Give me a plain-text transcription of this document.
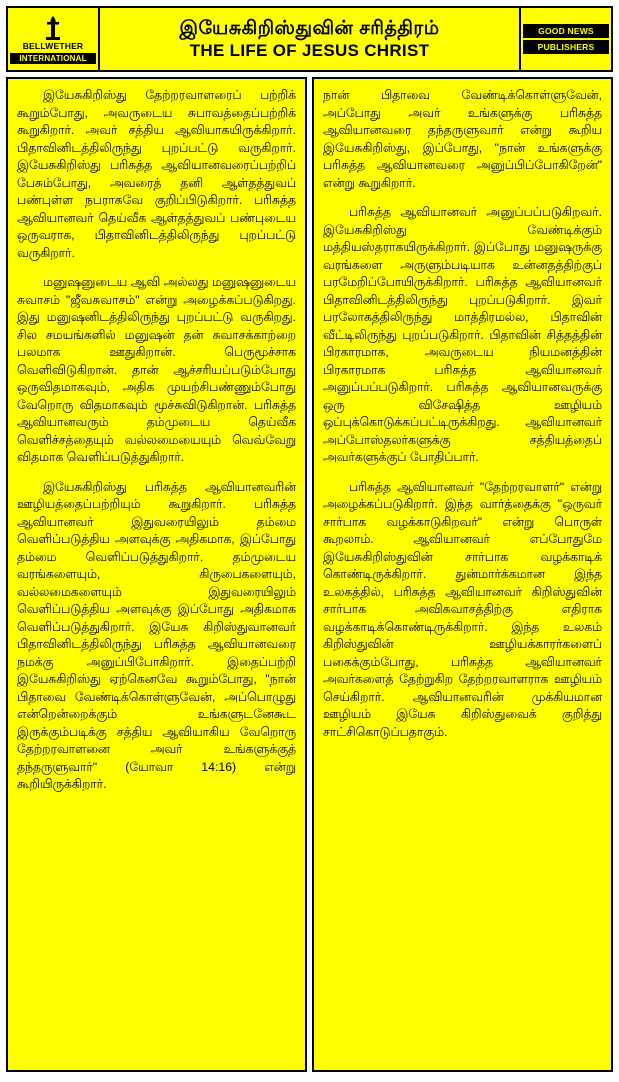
BELLWETHER
INTERNATIONAL
இயேசுகிறிஸ்துவின் சரித்திரம்
THE LIFE OF JESUS CHRIST
GOOD NEWS
PUBLISHERS

இயேசுகிறிஸ்து தேற்றரவாளரைப் பற்றிக் கூறும்போது, அவருடைய சுபாவத்தைப்பற்றிக் கூறுகிறார். அவர் சத்திய ஆவியாகயிருக்கிறார். பிதாவினிடத்திலிருந்து புறப்பட்டு வருகிறார். இயேசுகிறிஸ்து பரிசுத்த ஆவியானவரைப்பற்றிப் பேசும்போது, அவரைத் தனி ஆள்தத்துவப் பண்புள்ள நபராகவே குறிப்பிடுகிறார். பரிசுத்த ஆவியானவர் தெய்வீக ஆள்தத்துவப் பண்புடைய ஒருவராக, பிதாவினிடத்திலிருந்து புறப்பட்டு வருகிறார்.

மனுஷனுடைய ஆவி அல்லது மனுஷனுடைய சுவாசம் "ஜீவசுவாசம்" என்று அழைக்கப்படுகிறது. இது மனுஷனிடத்திலிருந்து புறப்பட்டு வருகிறது. சில சமயங்களில் மனுஷன் தன் சுவாசக்காற்றை பலமாக ஊதுகிறான். பெருமூச்சாக வெளிவிடுகிறான். தான் ஆச்சரியப்படும்போது ஒருவிதமாகவும், அதிக முயற்சிபண்ணும்போது வேறொரு விதமாகவும் மூச்சுவிடுகிறான். பரிசுத்த ஆவியானவரும் தம்முடைய தெய்வீக வெளிச்சத்தையும் வல்லமையையும் வெவ்வேறு விதமாக வெளிப்படுத்துகிறார்.

இயேசுகிறிஸ்து பரிசுத்த ஆவியானவரின் ஊழியத்தைப்பற்றியும் கூறுகிறார். பரிசுத்த ஆவியானவர் இதுவரையிலும் தம்மை வெளிப்படுத்திய அளவுக்கு அதிகமாக, இப்போது தம்மை வெளிப்படுத்துகிறார். தம்முடைய வரங்களையும், கிருபைகளையும், வல்லமைகளையும் இதுவரையிலும் வெளிப்படுத்திய அளவுக்கு இப்போது அதிகமாக வெளிப்படுத்துகிறார். இயேசு கிறிஸ்துவானவர் பிதாவினிடத்திலிருந்து பரிசுத்த ஆவியானவரை நமக்கு அனுப்பிபோகிறார். இதைப்பற்றி இயேசுகிறிஸ்து ஏற்கெனவே கூறும்போது, "நான் பிதாவை வேண்டிக்கொள்ளுவேன், அப்பொழுது என்றென்றைக்கும் உங்களுடனேகூட இருக்கும்படிக்கு சத்திய ஆவியாகிய வேறொரு தேற்றரவாளனை அவர் உங்களுக்குத் தந்தருளுவார்" (யோவா 14:16) என்று கூறியிருக்கிறார்.

நான் பிதாவை வேண்டிக்கொள்ளுவேன், அப்போது அவர் உங்களுக்கு பரிசுத்த ஆவியானவரை தந்தருளுவார் என்று கூறிய இயேசுகிறிஸ்து, இப்போது, "நான் உங்களுக்கு பரிசுத்த ஆவியானவரை அனுப்பிப்போகிறேன்" என்று கூறுகிறார்.

பரிசுத்த ஆவியானவர் அனுப்பப்படுகிறவர். இயேசுகிறிஸ்து வேண்டிக்கும் மத்தியஸ்தராகயிருக்கிறார். இப்போது மனுஷருக்கு வரங்களை அருளும்படியாக உன்னதத்திற்குப் பரமேறிப்போயிருக்கிறார். பரிசுத்த ஆவியானவர் பிதாவினிடத்திலிருந்து புறப்படுகிறார். இவர் பரலோகத்திலிருந்து மாத்திரமல்ல, பிதாவின் வீட்டிலிருந்து புறப்படுகிறார். பிதாவின் சித்தத்தின் பிரகாரமாக, அவருடைய நியமனத்தின் பிரகாரமாக பரிசுத்த ஆவியானவர் அனுப்பப்படுகிறார். பரிசுத்த ஆவியானவருக்கு ஒரு விசேஷித்த ஊழியம் ஒப்புக்கொடுக்கப்பட்டிருக்கிறது. ஆவியானவர் அப்போஸ்தலர்களுக்கு சத்தியத்தைப் அவர்களுக்குப் போதிப்பார்.

பரிசுத்த ஆவியானவர் "தேற்றரவாளர்" என்று அழைக்கப்படுகிறார். இந்த வார்த்தைக்கு "ஒருவர் சார்பாக வழக்காடுகிறவர்" என்று பொருள் கூறலாம். ஆவியானவர் எப்போதுமே இயேசுகிறிஸ்துவின் சார்பாக வழக்காடிக் கொண்டிருக்கிறார். துன்மார்க்கமான இந்த உலகத்தில், பரிசுத்த ஆவியானவர் கிறிஸ்துவின் சார்பாக அவிசுவாசத்திற்கு எதிராக வழக்காடிக்கொண்டிருக்கிறார். இந்த உலகம் கிறிஸ்துவின் ஊழியக்காரர்களைப் பகைக்கும்போது, பரிசுத்த ஆவியானவர் அவர்களைத் தேற்றுகிற தேற்றரவாளராக ஊழியம் செய்கிறார். ஆவியானவரின் முக்கியமான ஊழியம் இயேசு கிறிஸ்துவைக் குறித்து சாட்சிகொடுப்பதாகும்.
